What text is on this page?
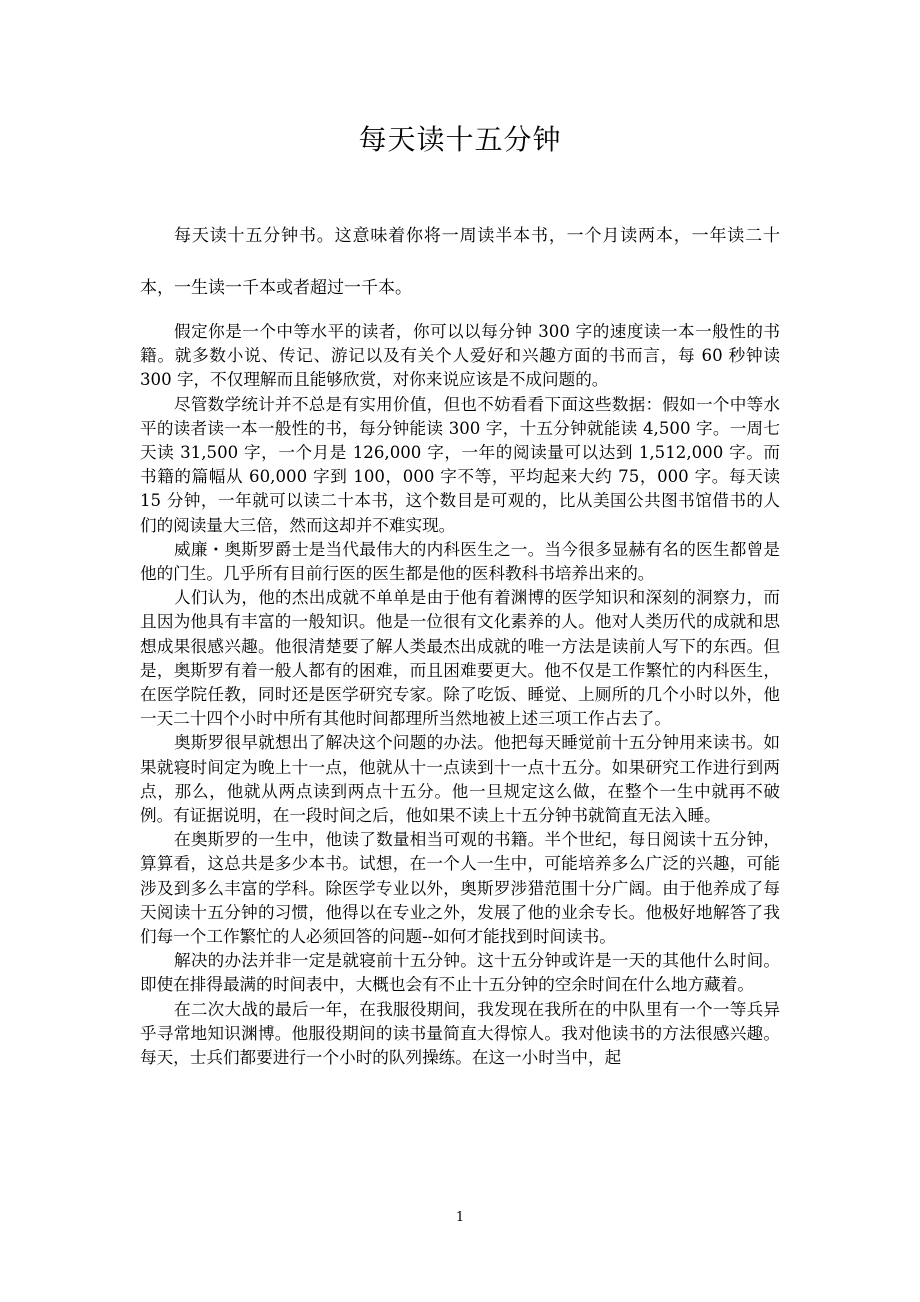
每天读十五分钟

每天读十五分钟书。这意味着你将一周读半本书，一个月读两本，一年读二十本，一生读一千本或者超过一千本。

假定你是一个中等水平的读者，你可以以每分钟 300 字的速度读一本一般性的书籍。就多数小说、传记、游记以及有关个人爱好和兴趣方面的书而言，每 60 秒钟读 300 字，不仅理解而且能够欣赏，对你来说应该是不成问题的。

尽管数学统计并不总是有实用价值，但也不妨看看下面这些数据：假如一个中等水平的读者读一本一般性的书，每分钟能读 300 字，十五分钟就能读 4,500 字。一周七天读 31,500 字，一个月是 126,000 字，一年的阅读量可以达到 1,512,000 字。而书籍的篇幅从 60,000 字到 100，000 字不等，平均起来大约 75，000 字。每天读 15 分钟，一年就可以读二十本书，这个数目是可观的，比从美国公共图书馆借书的人们的阅读量大三倍，然而这却并不难实现。

威廉・奥斯罗爵士是当代最伟大的内科医生之一。当今很多显赫有名的医生都曾是他的门生。几乎所有目前行医的医生都是他的医科教科书培养出来的。

人们认为，他的杰出成就不单单是由于他有着渊博的医学知识和深刻的洞察力，而且因为他具有丰富的一般知识。他是一位很有文化素养的人。他对人类历代的成就和思想成果很感兴趣。他很清楚要了解人类最杰出成就的唯一方法是读前人写下的东西。但是，奥斯罗有着一般人都有的困难，而且困难要更大。他不仅是工作繁忙的内科医生，在医学院任教，同时还是医学研究专家。除了吃饭、睡觉、上厕所的几个小时以外，他一天二十四个小时中所有其他时间都理所当然地被上述三项工作占去了。

奥斯罗很早就想出了解决这个问题的办法。他把每天睡觉前十五分钟用来读书。如果就寝时间定为晚上十一点，他就从十一点读到十一点十五分。如果研究工作进行到两点，那么，他就从两点读到两点十五分。他一旦规定这么做，在整个一生中就再不破例。有证据说明，在一段时间之后，他如果不读上十五分钟书就简直无法入睡。

在奥斯罗的一生中，他读了数量相当可观的书籍。半个世纪，每日阅读十五分钟，算算看，这总共是多少本书。试想，在一个人一生中，可能培养多么广泛的兴趣，可能涉及到多么丰富的学科。除医学专业以外，奥斯罗涉猎范围十分广阔。由于他养成了每天阅读十五分钟的习惯，他得以在专业之外，发展了他的业余专长。他极好地解答了我们每一个工作繁忙的人必须回答的问题--如何才能找到时间读书。

解决的办法并非一定是就寝前十五分钟。这十五分钟或许是一天的其他什么时间。即使在排得最满的时间表中，大概也会有不止十五分钟的空余时间在什么地方藏着。

在二次大战的最后一年，在我服役期间，我发现在我所在的中队里有一个一等兵异乎寻常地知识渊博。他服役期间的读书量简直大得惊人。我对他读书的方法很感兴趣。每天，士兵们都要进行一个小时的队列操练。在这一小时当中，起

1
